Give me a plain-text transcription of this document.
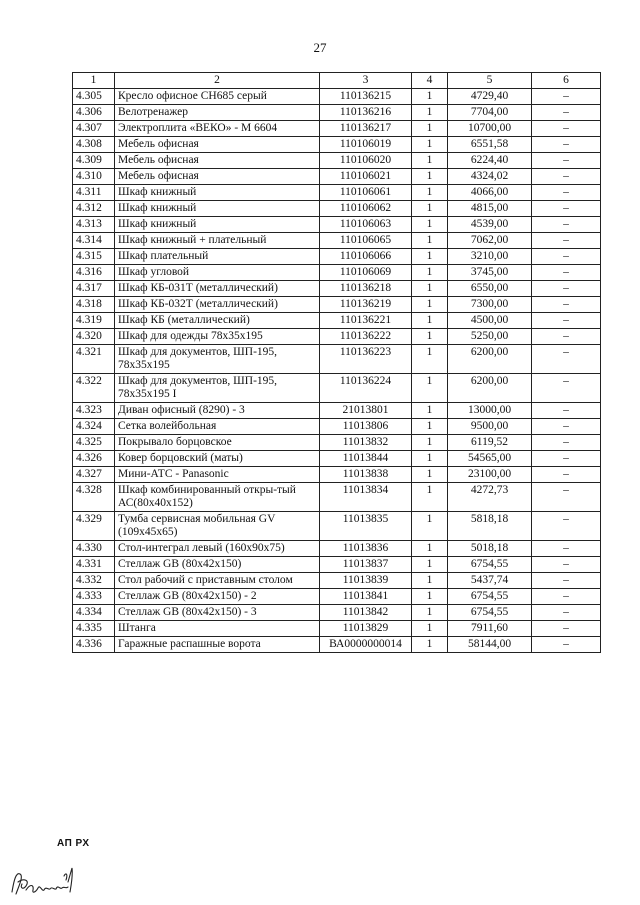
27
1	2	3	4	5	6
4.305	Кресло офисное СН685 серый	110136215	1	4729,40	–
4.306	Велотренажер	110136216	1	7704,00	–
4.307	Электроплита «ВЕКО» - М 6604	110136217	1	10700,00	–
4.308	Мебель офисная	110106019	1	6551,58	–
4.309	Мебель офисная	110106020	1	6224,40	–
4.310	Мебель офисная	110106021	1	4324,02	–
4.311	Шкаф книжный	110106061	1	4066,00	–
4.312	Шкаф книжный	110106062	1	4815,00	–
4.313	Шкаф книжный	110106063	1	4539,00	–
4.314	Шкаф книжный + плательный	110106065	1	7062,00	–
4.315	Шкаф плательный	110106066	1	3210,00	–
4.316	Шкаф угловой	110106069	1	3745,00	–
4.317	Шкаф КБ-031Т (металлический)	110136218	1	6550,00	–
4.318	Шкаф КБ-032Т (металлический)	110136219	1	7300,00	–
4.319	Шкаф КБ (металлический)	110136221	1	4500,00	–
4.320	Шкаф для одежды 78х35х195	110136222	1	5250,00	–
4.321	Шкаф для документов, ШП-195, 78х35х195	110136223	1	6200,00	–
4.322	Шкаф для документов, ШП-195, 78х35х195 I	110136224	1	6200,00	–
4.323	Диван офисный (8290) - 3	21013801	1	13000,00	–
4.324	Сетка волейбольная	11013806	1	9500,00	–
4.325	Покрывало борцовское	11013832	1	6119,52	–
4.326	Ковер борцовский (маты)	11013844	1	54565,00	–
4.327	Мини-АТС - Panasonic	11013838	1	23100,00	–
4.328	Шкаф комбинированный откры-тый АС(80х40х152)	11013834	1	4272,73	–
4.329	Тумба сервисная мобильная GV (109х45х65)	11013835	1	5818,18	–
4.330	Стол-интеграл левый (160х90х75)	11013836	1	5018,18	–
4.331	Стеллаж GB (80х42х150)	11013837	1	6754,55	–
4.332	Стол рабочий с приставным столом	11013839	1	5437,74	–
4.333	Стеллаж GB (80х42х150) - 2	11013841	1	6754,55	–
4.334	Стеллаж GB (80х42х150) - 3	11013842	1	6754,55	–
4.335	Штанга	11013829	1	7911,60	–
4.336	Гаражные распашные ворота	ВА0000000014	1	58144,00	–
АП РХ
